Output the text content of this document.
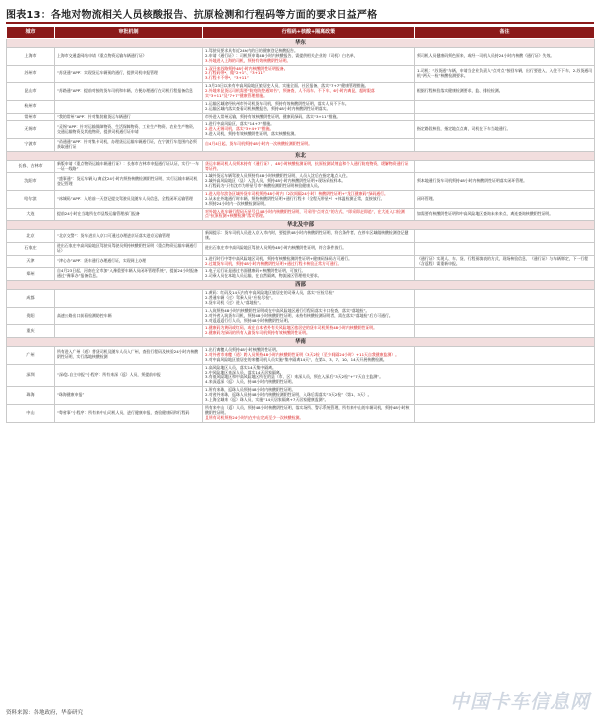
图表13：各地对物流相关人员核酸报告、抗原检测和行程码等方面的要求日益严格
城市	审批机制	行程码+核酸+隔离政策	备注
华东			
上海市	上海市交通委网站申请《重点物资运输车辆通行证》	1.驾驶员要求具有近24h内的日的健康登记核酸报告。
2.申请《通行证》：司机须申请48小时内核酸报告，需提供相关企业的（司机）白名单，
3.外地进入上海的司机，须持有效核酸阴性证明。	须司机人员健康码须色原来，或经一司机人员持24小时内核酸《通行证》失效。
苏州市	“苏货通”APP：实现货运车辆预约通行，提供司机申报管理	1.双开来苏路须持48小时内核酸阴性证明报备。
2.行程码带*，做“2+1”、“3+11”
3.行程卡不带*，“3+11”	1.司机：“苏货通”车辆，申请当企业负责人“点对点”接回车辆，出行要进入，入住不下车，2.苏货通司机“两天一检”核酸检测要求。
昆山市	“苏路通”APP：提前对接的货车司机和车辆，方便办理通行在司机行程报备信息	1.3月23日以来有中高风险地区旅居史人员，实施全面、社区报备，落实“7+7”健康管理措施。
2.外地来昆货运司机需要“防疫防控通知书”，须备查，人不再车、不下车，6小时内离昆，超时限落实“3+11”及“7+7”健康管理措施。	根据行程核验落实健康检测要求，监、排检检测。
杭州市		1.运输区域途经杭州市外司机货车司机，须持有效核酸阴性证明，落实人员不下车。
2.运输区域内落实查看司机核酸报告，须持48小时内核酸阴性证明落实。	

常州市	“我的常州”APP：针对集装箱货运车辆通行	市外进入常州运输，须持有效核酸阴性证明，健康码绿码，落实“3+11”措施。	

无锡市	“灵锡”APP：针对运输保障物资、生活保障物资、工业生产物资、农业生产物资、交通运输物资及其他物资，提供司机通行证申请	1.进行中高风险区，落实“14+7”措施。
2.进入无锡司机，落实“3+4+7”措施。
3.进入司机，须持有效核酸阴性证明，落实核酸检测。	指定路段核验，指定地点点离，司机在下车当地通行。
宁波市	“甬通通”APP：针对集卡司机，办理货运运输车辆通行证，在宁波行车范围内必须获取通行证	自4月4日起，货车司机须持48小时内一次核酸检测阴性证明。	

东北			
长春、吉林市	新版申请《重点物资运输车辆通行证》：长春市吉林市申报通行证认证，实行“一车一证一线路”	货运车辆司机人员须本持有《通行证》，48小时核酸检测证明，抗原检测试剂盒和个人通行防疫物资，缓解物资通行证等证件。	

沈阳市	“盛事通”：货运车辆入(离)沈24小时内须持核酸检测阴性证明，实行运输车辆司机登记管理	1.域外货运车辆驾驶人员须持有48小时核酸阴性证明，人员入沈后在指定地点入住。
2.域外高风险地区（县）入沈人员，须持48小时内核酸阴性证明+现场采检样本。
3.行程码为“只有沈市为带星号市”核酸检测阴性证明核验健康人员。	须本地通行货车司机须持48小时内核酸阴性证明落实闭环管理。
哈尔滨	“冰城码”APP：入哈前一天登记提交驾驶员及随车人员信息，全程闭环运输管理	1.进入哈尔滨各区域外货车司机须持48小时内（2次间隔24小时）核酸阴性证明+“龙江健康码”绿码通行。
2.从未在外地通行时车辆，须持核酸阴性证明+通行行程卡（全程无带星*）+体温检测正常，直接放行。
3.须持24小时内一次核酸检测证明。	闭环管理。
大连	提前24小时在当地所在市县级运输管理部门报备	对外地入连车辆行程码无星号且48小时内核酸阴性证明，可采用“点对点”的方式，“即采即走即追”，在大连入口检测点“抗原检测+核酸检测”落实管理。	如需要有核酸阴性证明和中高风险地区查询未来来点、离连查询核酸阴性证明。
华北及中部			
北京	“北京交警”：货车进京入京口可通过办理进京证落实进京运输管理	新闻提示：货车司机人员进入京入市内时，要提供48小时内核酸阴性证明，符合条件者，在停车区域做核酸检测登记健康。	

石家庄	进出石家庄中高风险地区驾驶员驾驶员须持核酸阴性证明（重点物资运输车辆通行证）	进出石家庄市中高风险地区驾驶人员须持48小时内核酸阴性证明，符合条件放行。	

天津	“津心办”APP：货车通行办理通行证，实现网上办理	1.进行时行中等中高风险地区司机，须持有核酸检测阴性证明+健康码绿码方可通行。
2.过境货车司机，须持48小时内核酸阴性证明+通过行程卡核验正常方可通行。	《通行证》实现人、车、货、行程预填表的方式，现场核验信息，《通行证》与车辆绑定，下一行程（含返程）需重新申报。
郑州	自4月23日起，河南在全市加“入豫重要车辆人员闭环管理系统”，提前24小时报备通过“豫事办”报备信息。	1.电子运行证是通过书面健康码+核酸阴性证明，可放行。
2.司乘人员在本地人员运输，在自然隔离，物流园区管理相关要求。	

西部			
成都		1.黄码：红码及14天内有中高风险地区旅居史的司乘人员，落实“应检尽检”
2.普通车辆（过）驾乘人员“应检尽检”。
3.货车司机（过）进入“落地检”。	

贵阳	高速公路出口前看检测防控车辆	1.入筑须持48小时内核酸阴性证明或在中高风险地区通行行程码落实卡口检查，落实“落地检”。
2.对外省入筑货车司机，须持48小时核酸阴性证明，未持有核酸检测证明者，需在落实“落地检”后方可通行。
3.对返返返行行人员，须持48小时核酸阴性证明。	

重庆		1.健康码为黄码或红码，或在自本省外有关风险地区旅居史的货车司机须持48小时内核酸阴性证明。
2.健康码为绿码的所有入渝货车司机须持有效核酸阴性证明。	

华南			
广州	所有进入广州（道）普货司机及随车人员入广州，查验行程码及核验24小时内核酸阴性证明，实行落地核酸检测	1.出行离穗人员须持48小时核酸阴性证明。
2.对外省市来穗（道）跨入员须持48小时内核酸阴性证明（3天2检（至少间隔24小时）+11天自我健康监测）。
3.对中高风险地区旅居史的来穗司机人员实施“集中隔离14天”，在第1、3、7、10、14天开展核酸检测。	

深圳	“深i您-自主申报”小程序：所有来深（返）人员，须提前申报	1.高风险地区人员，落实14天集中隔离。
2.中风险地区来深人员，落实14天居家隔离。
3.有低风险地区和中高风险地区所在的县（市、区）来深人员，须在入深后“3天2检”+“7天自主监测”。
4.来深返深（返）人员，持48小时内核酸阴性证明。	

珠海	“珠海健康申报”	1.所有来珠，返珠人员须持48小时内核酸阴性证明。
2.对省外来珠，返珠人员持48小时内核酸检测阴性证明，入珠后需落实“3天2检”（第1、3天）。
3.上海全域来（返）珠人员，实施“14天居家隔离+7天居家健康监测”。	

中山	“粤省事”小程序：所有来中山司机人员，进行健康申报，查验健康码和行程码	所有来中山（返）人员，须持48小时核酸阴性证明，落实场所、警示系统管理，所有来中山的车辆司机，须持48小时核酸阴性证明。
且所有司机须持24小时内在中山完成至少一次核酸检测。	

中国卡车信息网
资料来源：各地政府，华泰研究
